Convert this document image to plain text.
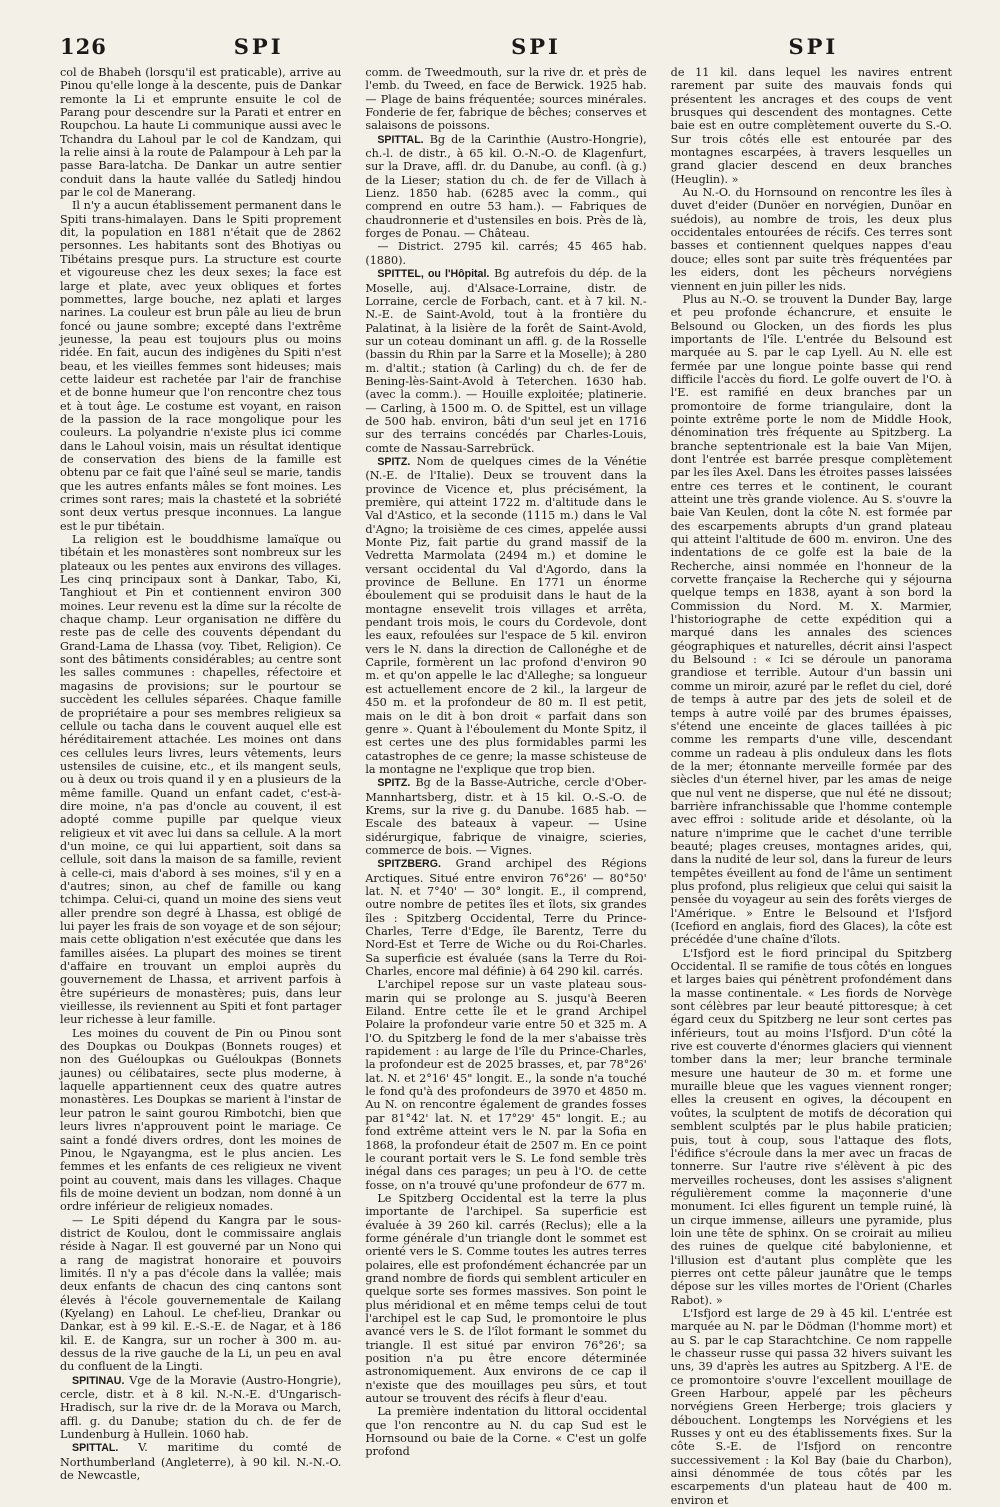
126	SPI	SPI	SPI

col de Bhabeh (lorsqu'il est praticable), arrive au Pinou qu'elle longe à la descente, puis de Dankar remonte la Li et emprunte ensuite le col de Parang pour descendre sur la Parati et entrer en Roupchou. La haute Li communique aussi avec le Tchandra du Lahoul par le col de Kandzam, qui la relie ainsi à la route de Palampour à Leh par la passe Bara-latcha. De Dankar un autre sentier conduit dans la haute vallée du Satledj hindou par le col de Manerang.

Il n'y a aucun établissement permanent dans le Spiti trans-himalayen. Dans le Spiti proprement dit, la population en 1881 n'était que de 2862 personnes. Les habitants sont des Bhotiyas ou Tibétains presque purs. La structure est courte et vigoureuse chez les deux sexes; la face est large et plate, avec yeux obliques et fortes pommettes, large bouche, nez aplati et larges narines. La couleur est brun pâle au lieu de brun foncé ou jaune sombre; excepté dans l'extrême jeunesse, la peau est toujours plus ou moins ridée. En fait, aucun des indigènes du Spiti n'est beau, et les vieilles femmes sont hideuses; mais cette laideur est rachetée par l'air de franchise et de bonne humeur que l'on rencontre chez tous et à tout âge. Le costume est voyant, en raison de la passion de la race mongolique pour les couleurs. La polyandrie n'existe plus ici comme dans le Lahoul voisin, mais un résultat identique de conservation des biens de la famille est obtenu par ce fait que l'aîné seul se marie, tandis que les autres enfants mâles se font moines. Les crimes sont rares; mais la chasteté et la sobriété sont deux vertus presque inconnues. La langue est le pur tibétain.

La religion est le bouddhisme lamaïque ou tibétain et les monastères sont nombreux sur les plateaux ou les pentes aux environs des villages. Les cinq principaux sont à Dankar, Tabo, Ki, Tanghiout et Pin et contiennent environ 300 moines. Leur revenu est la dîme sur la récolte de chaque champ. Leur organisation ne diffère du reste pas de celle des couvents dépendant du Grand-Lama de Lhassa (voy. Tibet, Religion). Ce sont des bâtiments considérables; au centre sont les salles communes : chapelles, réfectoire et magasins de provisions; sur le pourtour se succèdent les cellules séparées. Chaque famille de propriétaire a pour ses membres religieux sa cellule ou tacha dans le couvent auquel elle est héréditairement attachée. Les moines ont dans ces cellules leurs livres, leurs vêtements, leurs ustensiles de cuisine, etc., et ils mangent seuls, ou à deux ou trois quand il y en a plusieurs de la même famille. Quand un enfant cadet, c'est-à-dire moine, n'a pas d'oncle au couvent, il est adopté comme pupille par quelque vieux religieux et vit avec lui dans sa cellule. A la mort d'un moine, ce qui lui appartient, soit dans sa cellule, soit dans la maison de sa famille, revient à celle-ci, mais d'abord à ses moines, s'il y en a d'autres; sinon, au chef de famille ou kang tchimpa. Celui-ci, quand un moine des siens veut aller prendre son degré à Lhassa, est obligé de lui payer les frais de son voyage et de son séjour; mais cette obligation n'est exécutée que dans les familles aisées. La plupart des moines se tirent d'affaire en trouvant un emploi auprès du gouvernement de Lhassa, et arrivent parfois à être supérieurs de monastères; puis, dans leur vieillesse, ils reviennent au Spiti et font partager leur richesse à leur famille.

Les moines du couvent de Pin ou Pinou sont des Doupkas ou Doukpas (Bonnets rouges) et non des Guéloupkas ou Guéloukpas (Bonnets jaunes) ou célibataires, secte plus moderne, à laquelle appartiennent ceux des quatre autres monastères. Les Doupkas se marient à l'instar de leur patron le saint gourou Rimbotchi, bien que leurs livres n'approuvent point le mariage. Ce saint a fondé divers ordres, dont les moines de Pinou, le Ngayangma, est le plus ancien. Les femmes et les enfants de ces religieux ne vivent point au couvent, mais dans les villages. Chaque fils de moine devient un bodzan, nom donné à un ordre inférieur de religieux nomades.

— Le Spiti dépend du Kangra par le sous-district de Koulou, dont le commissaire anglais réside à Nagar. Il est gouverné par un Nono qui a rang de magistrat honoraire et pouvoirs limités. Il n'y a pas d'école dans la vallée; mais deux enfants de chacun des cinq cantons sont élevés à l'école gouvernementale de Kailang (Kyelang) en Lahoul. Le chef-lieu, Drankar ou Dankar, est à 99 kil. E.-S.-E. de Nagar, et à 186 kil. E. de Kangra, sur un rocher à 300 m. au-dessus de la rive gauche de la Li, un peu en aval du confluent de la Lingti.

SPITINAU. Vge de la Moravie (Austro-Hongrie), cercle, distr. et à 8 kil. N.-N.-E. d'Ungarisch-Hradisch, sur la rive dr. de la Morava ou March, affl. g. du Danube; station du ch. de fer de Lundenburg à Hullein. 1060 hab.

SPITTAL. V. maritime du comté de Northumberland (Angleterre), à 90 kil. N.-N.-O. de Newcastle,

comm. de Tweedmouth, sur la rive dr. et près de l'emb. du Tweed, en face de Berwick. 1925 hab. — Plage de bains fréquentée; sources minérales. Fonderie de fer, fabrique de bêches; conserves et salaisons de poissons.

SPITTAL. Bg de la Carinthie (Austro-Hongrie), ch.-l. de distr., à 65 kil. O.-N.-O. de Klagenfurt, sur la Drave, affl. dr. du Danube, au confl. (à g.) de la Lieser; station du ch. de fer de Villach à Lienz. 1850 hab. (6285 avec la comm., qui comprend en outre 53 ham.). — Fabriques de chaudronnerie et d'ustensiles en bois. Près de là, forges de Ponau. — Château.

— District. 2795 kil. carrés; 45 465 hab. (1880).

SPITTEL, ou l'Hôpital. Bg autrefois du dép. de la Moselle, auj. d'Alsace-Lorraine, distr. de Lorraine, cercle de Forbach, cant. et à 7 kil. N.-N.-E. de Saint-Avold, tout à la frontière du Palatinat, à la lisière de la forêt de Saint-Avold, sur un coteau dominant un affl. g. de la Rosselle (bassin du Rhin par la Sarre et la Moselle); à 280 m. d'altit.; station (à Carling) du ch. de fer de Bening-lès-Saint-Avold à Teterchen. 1630 hab. (avec la comm.). — Houille exploitée; platinerie. — Carling, à 1500 m. O. de Spittel, est un village de 500 hab. environ, bâti d'un seul jet en 1716 sur des terrains concédés par Charles-Louis, comte de Nassau-Sarrebrück.

SPITZ. Nom de quelques cimes de la Vénétie (N.-E. de l'Italie). Deux se trouvent dans la province de Vicence et, plus précisément, la première, qui atteint 1722 m. d'altitude dans le Val d'Astico, et la seconde (1115 m.) dans le Val d'Agno; la troisième de ces cimes, appelée aussi Monte Piz, fait partie du grand massif de la Vedretta Marmolata (2494 m.) et domine le versant occidental du Val d'Agordo, dans la province de Bellune. En 1771 un énorme éboulement qui se produisit dans le haut de la montagne ensevelit trois villages et arrêta, pendant trois mois, le cours du Cordevole, dont les eaux, refoulées sur l'espace de 5 kil. environ vers le N. dans la direction de Callonéghe et de Caprile, formèrent un lac profond d'environ 90 m. et qu'on appelle le lac d'Alleghe; sa longueur est actuellement encore de 2 kil., la largeur de 450 m. et la profondeur de 80 m. Il est petit, mais on le dit à bon droit « parfait dans son genre ». Quant à l'éboulement du Monte Spitz, il est certes une des plus formidables parmi les catastrophes de ce genre; la masse schisteuse de la montagne ne l'explique que trop bien.

SPITZ. Bg de la Basse-Autriche, cercle d'Ober-Mannhartsberg, distr. et à 15 kil. O.-S.-O. de Krems, sur la rive g. du Danube. 1685 hab. — Escale des bateaux à vapeur. — Usine sidérurgique, fabrique de vinaigre, scieries, commerce de bois. — Vignes.

SPITZBERG. Grand archipel des Régions Arctiques. Situé entre environ 76°26' — 80°50' lat. N. et 7°40' — 30° longit. E., il comprend, outre nombre de petites îles et îlots, six grandes îles : Spitzberg Occidental, Terre du Prince-Charles, Terre d'Edge, île Barentz, Terre du Nord-Est et Terre de Wiche ou du Roi-Charles. Sa superficie est évaluée (sans la Terre du Roi-Charles, encore mal définie) à 64 290 kil. carrés.

L'archipel repose sur un vaste plateau sous-marin qui se prolonge au S. jusqu'à Beeren Eiland. Entre cette île et le grand Archipel Polaire la profondeur varie entre 50 et 325 m. A l'O. du Spitzberg le fond de la mer s'abaisse très rapidement : au large de l'île du Prince-Charles, la profondeur est de 2025 brasses, et, par 78°26' lat. N. et 2°16' 45" longit. E., la sonde n'a touché le fond qu'à des profondeurs de 3970 et 4850 m. Au N. on rencontre également de grandes fosses par 81°42' lat. N. et 17°29' 45" longit. E.; au fond extrême atteint vers le N. par la Sofia en 1868, la profondeur était de 2507 m. En ce point le courant portait vers le S. Le fond semble très inégal dans ces parages; un peu à l'O. de cette fosse, on n'a trouvé qu'une profondeur de 677 m.

Le Spitzberg Occidental est la terre la plus importante de l'archipel. Sa superficie est évaluée à 39 260 kil. carrés (Reclus); elle a la forme générale d'un triangle dont le sommet est orienté vers le S. Comme toutes les autres terres polaires, elle est profondément échancrée par un grand nombre de fiords qui semblent articuler en quelque sorte ses formes massives. Son point le plus méridional et en même temps celui de tout l'archipel est le cap Sud, le promontoire le plus avancé vers le S. de l'îlot formant le sommet du triangle. Il est situé par environ 76°26'; sa position n'a pu être encore déterminée astronomiquement. Aux environs de ce cap il n'existe que des mouillages peu sûrs, et tout autour se trouvent des récifs à fleur d'eau.

La première indentation du littoral occidental que l'on rencontre au N. du cap Sud est le Hornsound ou baie de la Corne. « C'est un golfe profond

de 11 kil. dans lequel les navires entrent rarement par suite des mauvais fonds qui présentent les ancrages et des coups de vent brusques qui descendent des montagnes. Cette baie est en outre complètement ouverte du S.-O. Sur trois côtés elle est entourée par des montagnes escarpées, à travers lesquelles un grand glacier descend en deux branches (Heuglin). »

Au N.-O. du Hornsound on rencontre les îles à duvet d'eider (Dunöer en norvégien, Dunöar en suédois), au nombre de trois, les deux plus occidentales entourées de récifs. Ces terres sont basses et contiennent quelques nappes d'eau douce; elles sont par suite très fréquentées par les eiders, dont les pêcheurs norvégiens viennent en juin piller les nids.

Plus au N.-O. se trouvent la Dunder Bay, large et peu profonde échancrure, et ensuite le Belsound ou Glocken, un des fiords les plus importants de l'île. L'entrée du Belsound est marquée au S. par le cap Lyell. Au N. elle est fermée par une longue pointe basse qui rend difficile l'accès du fiord. Le golfe ouvert de l'O. à l'E. est ramifié en deux branches par un promontoire de forme triangulaire, dont la pointe extrême porte le nom de Middle Hook, dénomination très fréquente au Spitzberg. La branche septentrionale est la baie Van Mijen, dont l'entrée est barrée presque complètement par les îles Axel. Dans les étroites passes laissées entre ces terres et le continent, le courant atteint une très grande violence. Au S. s'ouvre la baie Van Keulen, dont la côte N. est formée par des escarpements abrupts d'un grand plateau qui atteint l'altitude de 600 m. environ. Une des indentations de ce golfe est la baie de la Recherche, ainsi nommée en l'honneur de la corvette française la Recherche qui y séjourna quelque temps en 1838, ayant à son bord la Commission du Nord. M. X. Marmier, l'historiographe de cette expédition qui a marqué dans les annales des sciences géographiques et naturelles, décrit ainsi l'aspect du Belsound : « Ici se déroule un panorama grandiose et terrible. Autour d'un bassin uni comme un miroir, azuré par le reflet du ciel, doré de temps à autre par des jets de soleil et de temps à autre voilé par des brumes épaisses, s'étend une enceinte de glaces taillées à pic comme les remparts d'une ville, descendant comme un radeau à plis onduleux dans les flots de la mer; étonnante merveille formée par des siècles d'un éternel hiver, par les amas de neige que nul vent ne disperse, que nul été ne dissout; barrière infranchissable que l'homme contemple avec effroi : solitude aride et désolante, où la nature n'imprime que le cachet d'une terrible beauté; plages creuses, montagnes arides, qui, dans la nudité de leur sol, dans la fureur de leurs tempêtes éveillent au fond de l'âme un sentiment plus profond, plus religieux que celui qui saisit la pensée du voyageur au sein des forêts vierges de l'Amérique. » Entre le Belsound et l'Isfjord (Icefiord en anglais, fiord des Glaces), la côte est précédée d'une chaîne d'îlots.

L'Isfjord est le fiord principal du Spitzberg Occidental. Il se ramifie de tous côtés en longues et larges baies qui pénètrent profondément dans la masse continentale. « Les fiords de Norvège sont célèbres par leur beauté pittoresque; à cet égard ceux du Spitzberg ne leur sont certes pas inférieurs, tout au moins l'Isfjord. D'un côté la rive est couverte d'énormes glaciers qui viennent tomber dans la mer; leur branche terminale mesure une hauteur de 30 m. et forme une muraille bleue que les vagues viennent ronger; elles la creusent en ogives, la découpent en voûtes, la sculptent de motifs de décoration qui semblent sculptés par le plus habile praticien; puis, tout à coup, sous l'attaque des flots, l'édifice s'écroule dans la mer avec un fracas de tonnerre. Sur l'autre rive s'élèvent à pic des merveilles rocheuses, dont les assises s'alignent régulièrement comme la maçonnerie d'une monument. Ici elles figurent un temple ruiné, là un cirque immense, ailleurs une pyramide, plus loin une tête de sphinx. On se croirait au milieu des ruines de quelque cité babylonienne, et l'illusion est d'autant plus complète que les pierres ont cette pâleur jaunâtre que le temps dépose sur les villes mortes de l'Orient (Charles Rabot). »

L'Isfjord est large de 29 à 45 kil. L'entrée est marquée au N. par le Dödman (l'homme mort) et au S. par le cap Starachtchine. Ce nom rappelle le chasseur russe qui passa 32 hivers suivant les uns, 39 d'après les autres au Spitzberg. A l'E. de ce promontoire s'ouvre l'excellent mouillage de Green Harbour, appelé par les pêcheurs norvégiens Green Herberge; trois glaciers y débouchent. Longtemps les Norvégiens et les Russes y ont eu des établissements fixes. Sur la côte S.-E. de l'Isfjord on rencontre successivement : la Kol Bay (baie du Charbon), ainsi dénommée de tous côtés par les escarpements d'un plateau haut de 400 m. environ et
